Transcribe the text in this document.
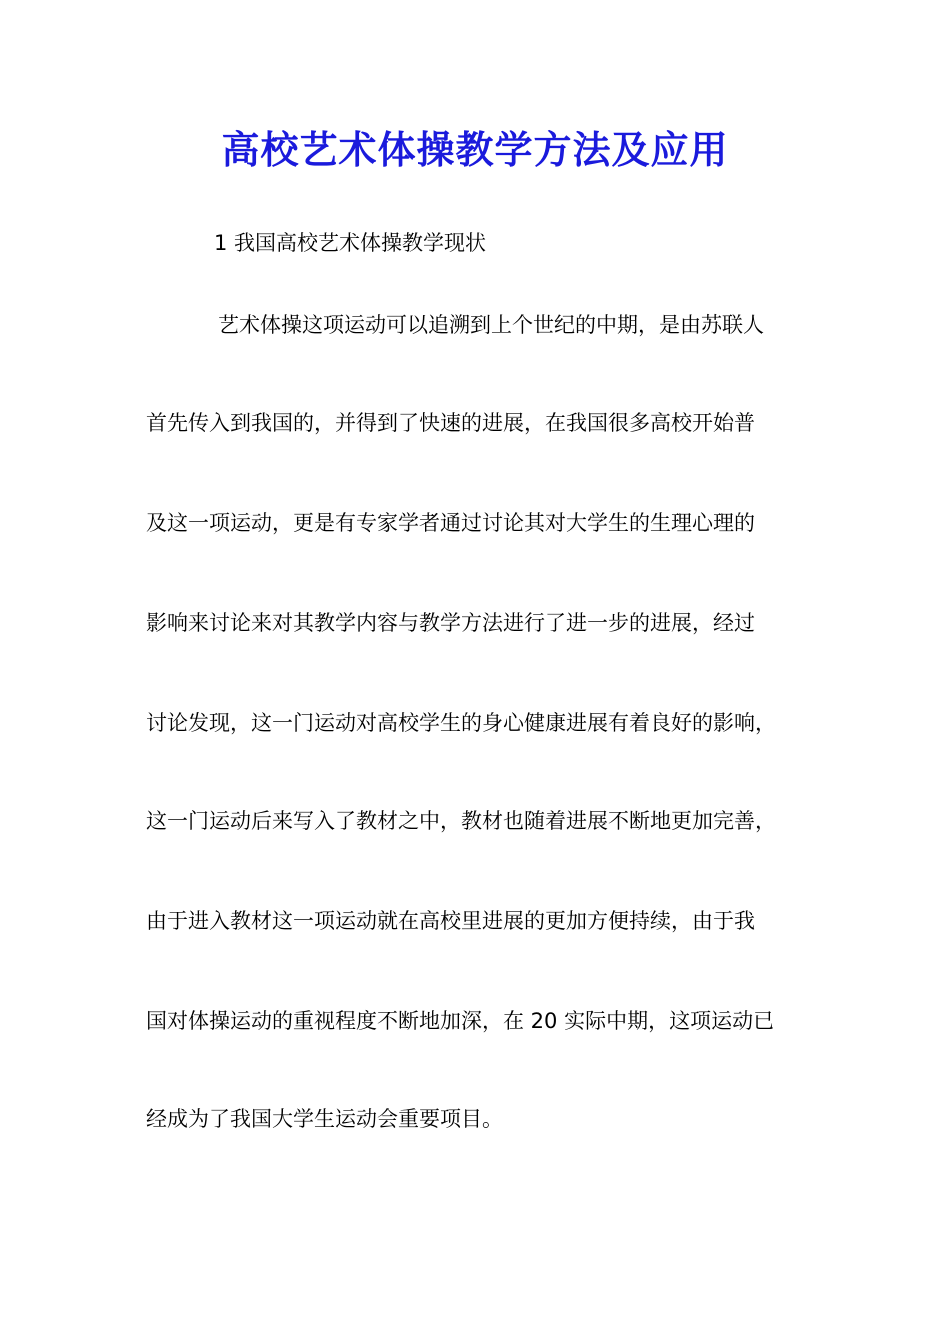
高校艺术体操教学方法及应用
1 我国高校艺术体操教学现状
艺术体操这项运动可以追溯到上个世纪的中期，是由苏联人
首先传入到我国的，并得到了快速的进展，在我国很多高校开始普
及这一项运动，更是有专家学者通过讨论其对大学生的生理心理的
影响来讨论来对其教学内容与教学方法进行了进一步的进展，经过
讨论发现，这一门运动对高校学生的身心健康进展有着良好的影响，
这一门运动后来写入了教材之中，教材也随着进展不断地更加完善，
由于进入教材这一项运动就在高校里进展的更加方便持续，由于我
国对体操运动的重视程度不断地加深，在 20 实际中期，这项运动已
经成为了我国大学生运动会重要项目。
